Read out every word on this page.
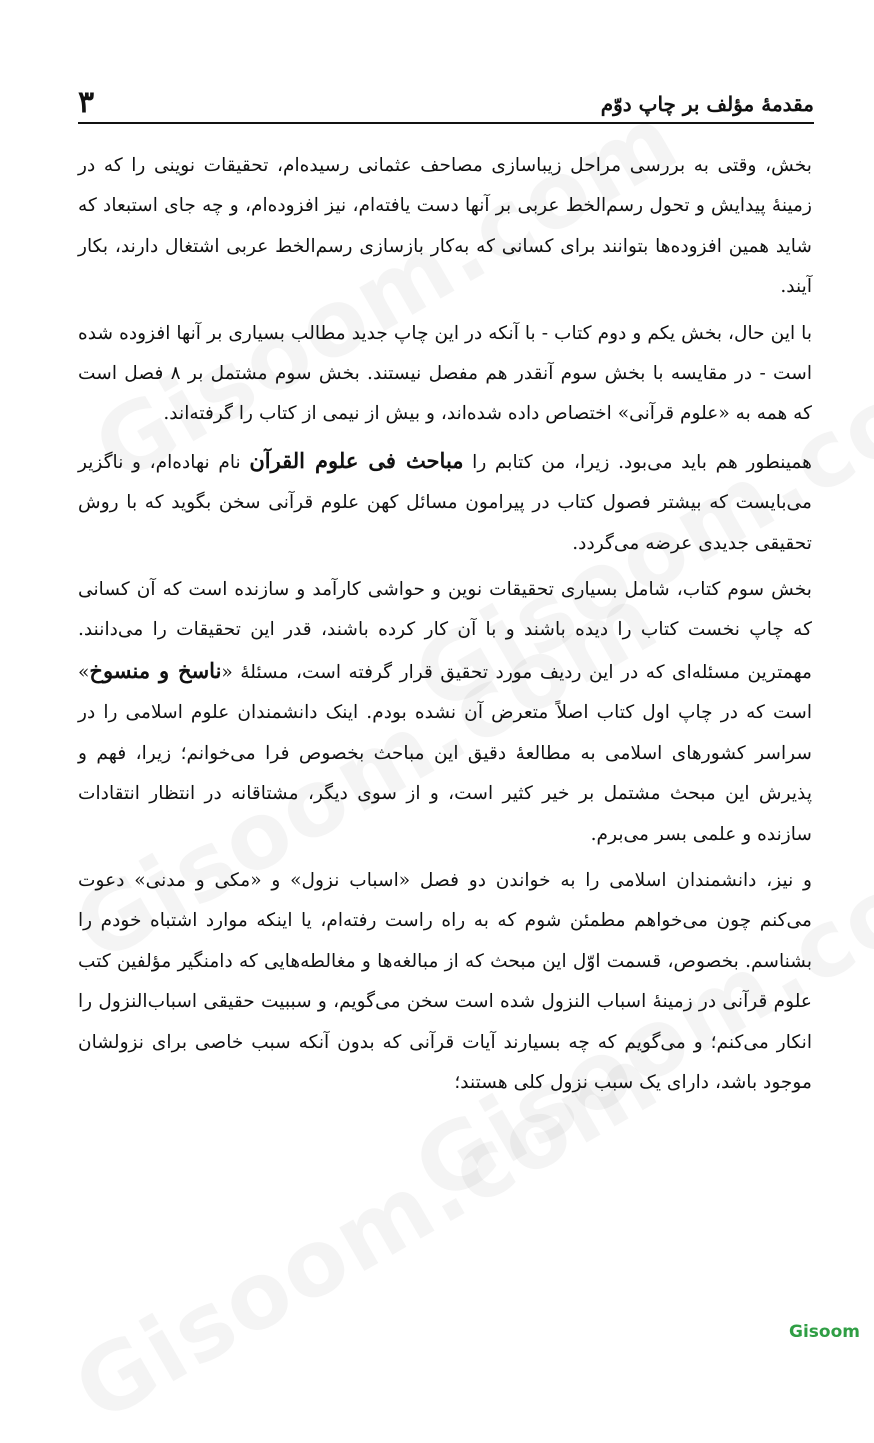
مقدمهٔ مؤلف بر چاپ دوّم
۳

بخش، وقتی به بررسی مراحل زیباسازی مصاحف عثمانی رسیده‌ام، تحقیقات نوینی را که در زمینهٔ پیدایش و تحول رسم‌الخط عربی بر آنها دست یافته‌ام، نیز افزوده‌ام، و چه جای استبعاد که شاید همین افزوده‌ها بتوانند برای کسانی که به‌کار بازسازی رسم‌الخط عربی اشتغال دارند، بکار آیند.

با این حال، بخش یکم و دوم کتاب - با آنکه در این چاپ جدید مطالب بسیاری بر آنها افزوده شده است - در مقایسه با بخش سوم آنقدر هم مفصل نیستند. بخش سوم مشتمل بر ۸ فصل است که همه به «علوم قرآنی» اختصاص داده شده‌اند، و بیش از نیمی از کتاب را گرفته‌اند.

همینطور هم باید می‌بود. زیرا، من کتابم را مباحث فی علوم القرآن نام نهاده‌ام، و ناگزیر می‌بایست که بیشتر فصول کتاب در پیرامون مسائل کهن علوم قرآنی سخن بگوید که با روش تحقیقی جدیدی عرضه می‌گردد.

بخش سوم کتاب، شامل بسیاری تحقیقات نوین و حواشی کارآمد و سازنده است که آن کسانی که چاپ نخست کتاب را دیده باشند و با آن کار کرده باشند، قدر این تحقیقات را می‌دانند. مهمترین مسئله‌ای که در این ردیف مورد تحقیق قرار گرفته است، مسئلهٔ «ناسخ و منسوخ» است که در چاپ اول کتاب اصلاً متعرض آن نشده بودم. اینک دانشمندان علوم اسلامی را در سراسر کشورهای اسلامی به مطالعهٔ دقیق این مباحث بخصوص فرا می‌خوانم؛ زیرا، فهم و پذیرش این مبحث مشتمل بر خیر کثیر است، و از سوی دیگر، مشتاقانه در انتظار انتقادات سازنده و علمی بسر می‌برم.

و نیز، دانشمندان اسلامی را به خواندن دو فصل «اسباب نزول» و «مکی و مدنی» دعوت می‌کنم چون می‌خواهم مطمئن شوم که به راه راست رفته‌ام، یا اینکه موارد اشتباه خودم را بشناسم. بخصوص، قسمت اوّل این مبحث که از مبالغه‌ها و مغالطه‌هایی که دامنگیر مؤلفین کتب علوم قرآنی در زمینهٔ اسباب النزول شده است سخن می‌گویم، و سببیت حقیقی اسباب‌النزول را انکار می‌کنم؛ و می‌گویم که چه بسیارند آیات قرآنی که بدون آنکه سبب خاصی برای نزولشان موجود باشد، دارای یک سبب نزول کلی هستند؛

Gisoom
